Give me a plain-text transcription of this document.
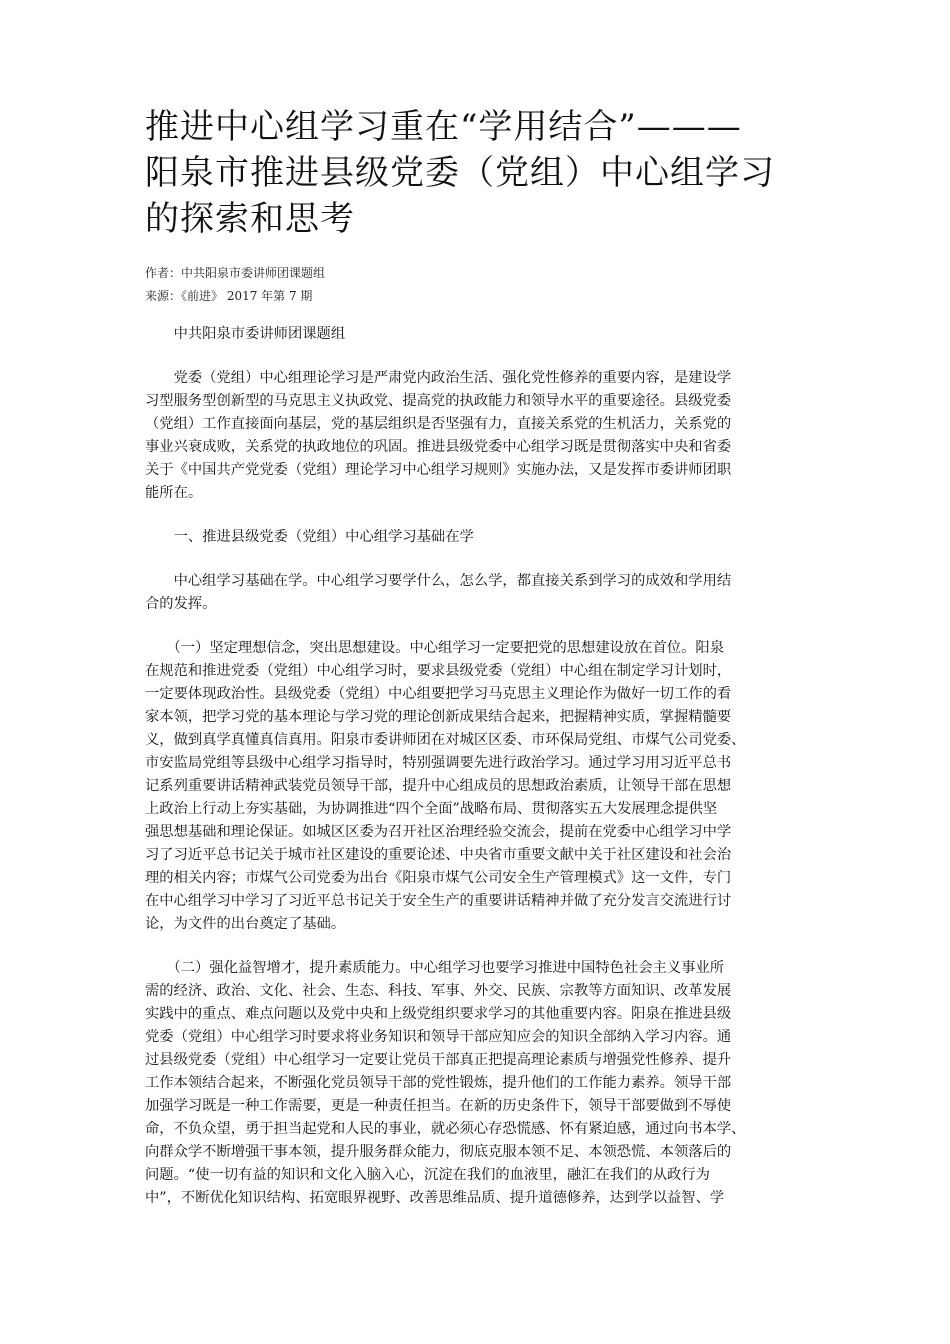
推进中心组学习重在“学用结合”———
阳泉市推进县级党委（党组）中心组学习
的探索和思考
作者：中共阳泉市委讲师团课题组
来源：《前进》 2017 年第 7 期

　　中共阳泉市委讲师团课题组

　　党委（党组）中心组理论学习是严肃党内政治生活、强化党性修养的重要内容，是建设学
习型服务型创新型的马克思主义执政党、提高党的执政能力和领导水平的重要途径。县级党委
（党组）工作直接面向基层，党的基层组织是否坚强有力，直接关系党的生机活力，关系党的
事业兴衰成败，关系党的执政地位的巩固。推进县级党委中心组学习既是贯彻落实中央和省委
关于《中国共产党党委（党组）理论学习中心组学习规则》实施办法，又是发挥市委讲师团职
能所在。

　　一、推进县级党委（党组）中心组学习基础在学

　　中心组学习基础在学。中心组学习要学什么，怎么学，都直接关系到学习的成效和学用结
合的发挥。

　　（一）坚定理想信念，突出思想建设。中心组学习一定要把党的思想建设放在首位。阳泉
在规范和推进党委（党组）中心组学习时，要求县级党委（党组）中心组在制定学习计划时，
一定要体现政治性。县级党委（党组）中心组要把学习马克思主义理论作为做好一切工作的看
家本领，把学习党的基本理论与学习党的理论创新成果结合起来，把握精神实质，掌握精髓要
义，做到真学真懂真信真用。阳泉市委讲师团在对城区区委、市环保局党组、市煤气公司党委、
市安监局党组等县级中心组学习指导时，特别强调要先进行政治学习。通过学习用习近平总书
记系列重要讲话精神武装党员领导干部，提升中心组成员的思想政治素质，让领导干部在思想
上政治上行动上夯实基础，为协调推进“四个全面”战略布局、贯彻落实五大发展理念提供坚
强思想基础和理论保证。如城区区委为召开社区治理经验交流会，提前在党委中心组学习中学
习了习近平总书记关于城市社区建设的重要论述、中央省市重要文献中关于社区建设和社会治
理的相关内容；市煤气公司党委为出台《阳泉市煤气公司安全生产管理模式》这一文件，专门
在中心组学习中学习了习近平总书记关于安全生产的重要讲话精神并做了充分发言交流进行讨
论，为文件的出台奠定了基础。

　　（二）强化益智增才，提升素质能力。中心组学习也要学习推进中国特色社会主义事业所
需的经济、政治、文化、社会、生态、科技、军事、外交、民族、宗教等方面知识、改革发展
实践中的重点、难点问题以及党中央和上级党组织要求学习的其他重要内容。阳泉在推进县级
党委（党组）中心组学习时要求将业务知识和领导干部应知应会的知识全部纳入学习内容。通
过县级党委（党组）中心组学习一定要让党员干部真正把提高理论素质与增强党性修养、提升
工作本领结合起来，不断强化党员领导干部的党性锻炼，提升他们的工作能力素养。领导干部
加强学习既是一种工作需要，更是一种责任担当。在新的历史条件下，领导干部要做到不辱使
命，不负众望，勇于担当起党和人民的事业，就必须心存恐慌感、怀有紧迫感，通过向书本学、
向群众学不断增强干事本领，提升服务群众能力，彻底克服本领不足、本领恐慌、本领落后的
问题。“使一切有益的知识和文化入脑入心，沉淀在我们的血液里，融汇在我们的从政行为
中”，不断优化知识结构、拓宽眼界视野、改善思维品质、提升道德修养，达到学以益智、学
